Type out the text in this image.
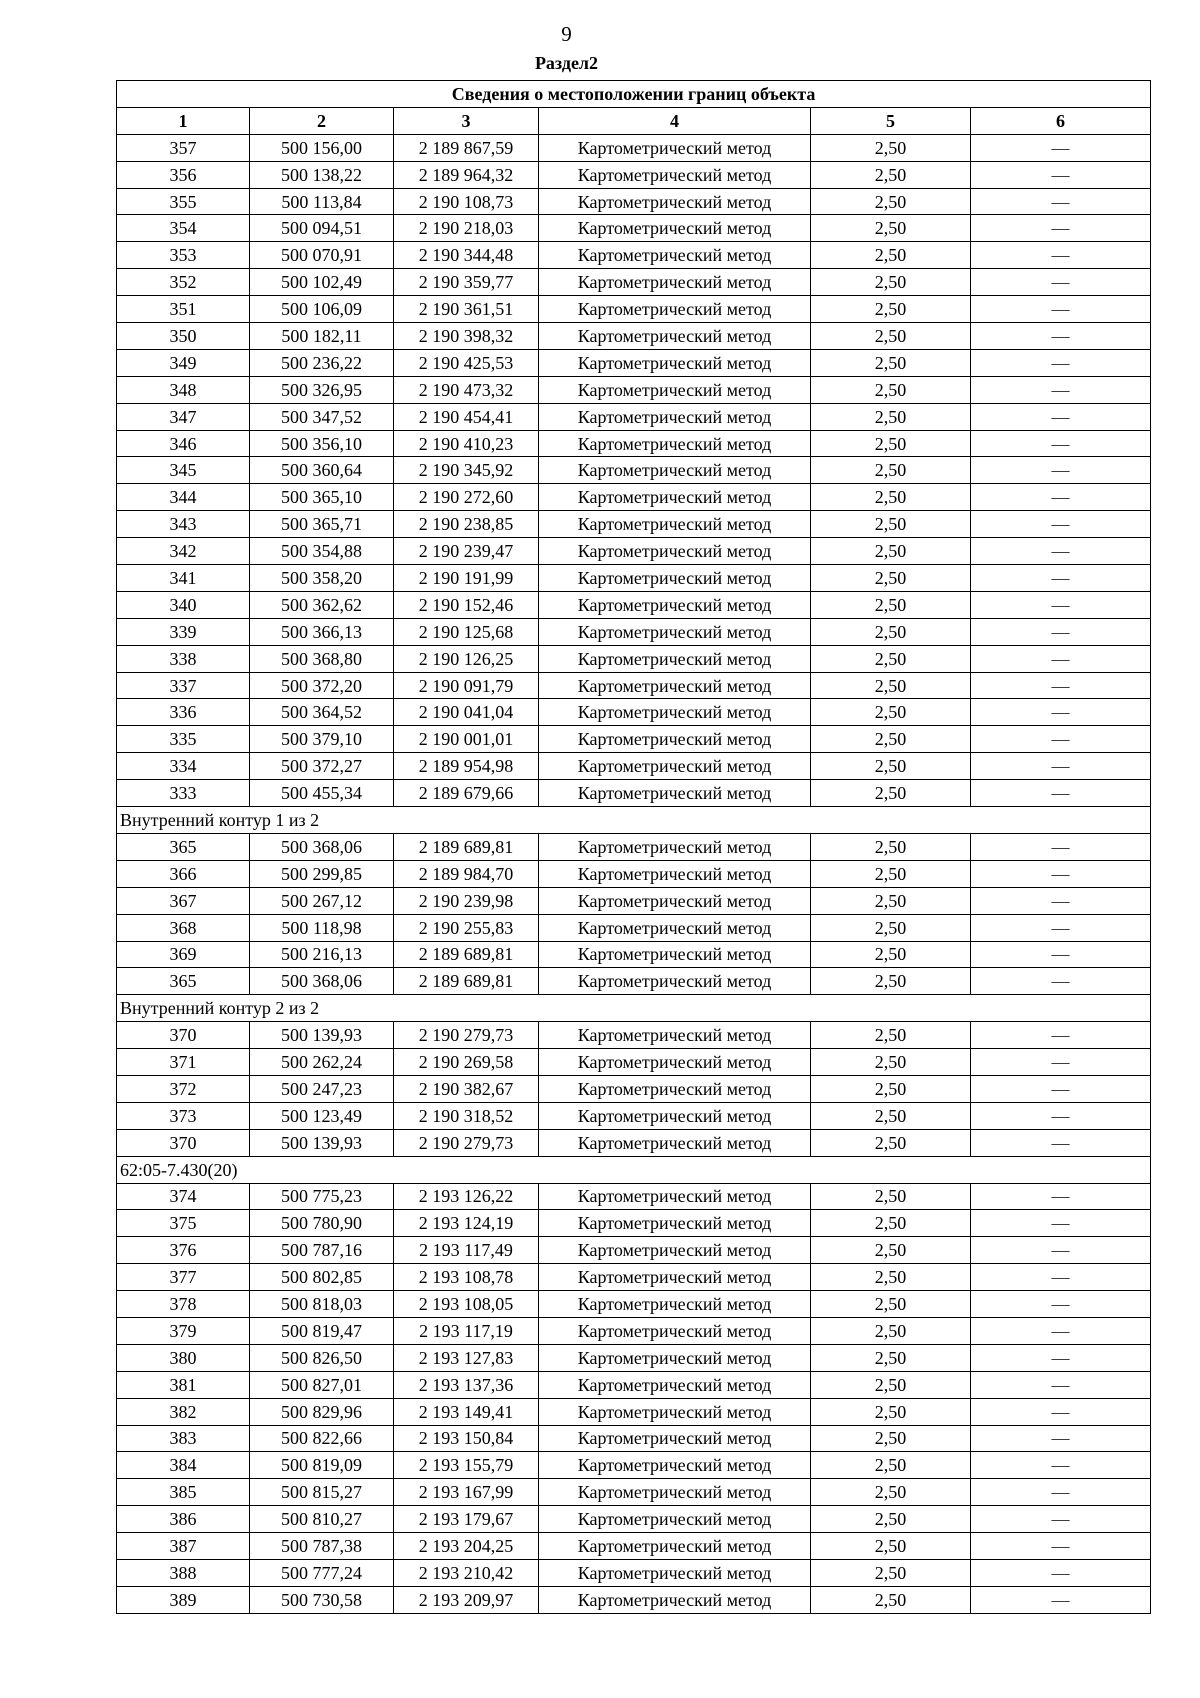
9
Раздел2
Сведения о местоположении границ объекта					
1	2	3	4	5	6
357	500 156,00	2 189 867,59	Картометрический метод	2,50	—
356	500 138,22	2 189 964,32	Картометрический метод	2,50	—
355	500 113,84	2 190 108,73	Картометрический метод	2,50	—
354	500 094,51	2 190 218,03	Картометрический метод	2,50	—
353	500 070,91	2 190 344,48	Картометрический метод	2,50	—
352	500 102,49	2 190 359,77	Картометрический метод	2,50	—
351	500 106,09	2 190 361,51	Картометрический метод	2,50	—
350	500 182,11	2 190 398,32	Картометрический метод	2,50	—
349	500 236,22	2 190 425,53	Картометрический метод	2,50	—
348	500 326,95	2 190 473,32	Картометрический метод	2,50	—
347	500 347,52	2 190 454,41	Картометрический метод	2,50	—
346	500 356,10	2 190 410,23	Картометрический метод	2,50	—
345	500 360,64	2 190 345,92	Картометрический метод	2,50	—
344	500 365,10	2 190 272,60	Картометрический метод	2,50	—
343	500 365,71	2 190 238,85	Картометрический метод	2,50	—
342	500 354,88	2 190 239,47	Картометрический метод	2,50	—
341	500 358,20	2 190 191,99	Картометрический метод	2,50	—
340	500 362,62	2 190 152,46	Картометрический метод	2,50	—
339	500 366,13	2 190 125,68	Картометрический метод	2,50	—
338	500 368,80	2 190 126,25	Картометрический метод	2,50	—
337	500 372,20	2 190 091,79	Картометрический метод	2,50	—
336	500 364,52	2 190 041,04	Картометрический метод	2,50	—
335	500 379,10	2 190 001,01	Картометрический метод	2,50	—
334	500 372,27	2 189 954,98	Картометрический метод	2,50	—
333	500 455,34	2 189 679,66	Картометрический метод	2,50	—
Внутренний контур 1 из 2					
365	500 368,06	2 189 689,81	Картометрический метод	2,50	—
366	500 299,85	2 189 984,70	Картометрический метод	2,50	—
367	500 267,12	2 190 239,98	Картометрический метод	2,50	—
368	500 118,98	2 190 255,83	Картометрический метод	2,50	—
369	500 216,13	2 189 689,81	Картометрический метод	2,50	—
365	500 368,06	2 189 689,81	Картометрический метод	2,50	—
Внутренний контур 2 из 2					
370	500 139,93	2 190 279,73	Картометрический метод	2,50	—
371	500 262,24	2 190 269,58	Картометрический метод	2,50	—
372	500 247,23	2 190 382,67	Картометрический метод	2,50	—
373	500 123,49	2 190 318,52	Картометрический метод	2,50	—
370	500 139,93	2 190 279,73	Картометрический метод	2,50	—
62:05-7.430(20)					
374	500 775,23	2 193 126,22	Картометрический метод	2,50	—
375	500 780,90	2 193 124,19	Картометрический метод	2,50	—
376	500 787,16	2 193 117,49	Картометрический метод	2,50	—
377	500 802,85	2 193 108,78	Картометрический метод	2,50	—
378	500 818,03	2 193 108,05	Картометрический метод	2,50	—
379	500 819,47	2 193 117,19	Картометрический метод	2,50	—
380	500 826,50	2 193 127,83	Картометрический метод	2,50	—
381	500 827,01	2 193 137,36	Картометрический метод	2,50	—
382	500 829,96	2 193 149,41	Картометрический метод	2,50	—
383	500 822,66	2 193 150,84	Картометрический метод	2,50	—
384	500 819,09	2 193 155,79	Картометрический метод	2,50	—
385	500 815,27	2 193 167,99	Картометрический метод	2,50	—
386	500 810,27	2 193 179,67	Картометрический метод	2,50	—
387	500 787,38	2 193 204,25	Картометрический метод	2,50	—
388	500 777,24	2 193 210,42	Картометрический метод	2,50	—
389	500 730,58	2 193 209,97	Картометрический метод	2,50	—
